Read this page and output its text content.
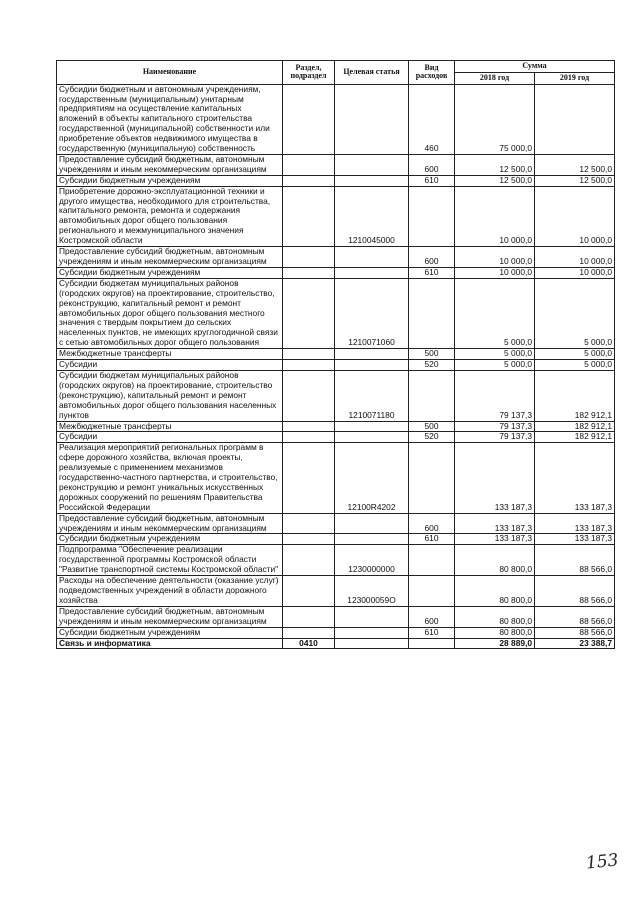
Наименование	Раздел, подраздел	Целевая статья	Вид расходов	Сумма	
				2018 год	2019 год
Субсидии бюджетным и автономным учреждениям, государственным (муниципальным) унитарным предприятиям на осуществление капитальных вложений в объекты капитального строительства государственной (муниципальной) собственности или приобретение объектов недвижимого имущества в государственную (муниципальную) собственность			460	75 000,0	
Предоставление субсидий бюджетным, автономным учреждениям и иным некоммерческим организациям			600	12 500,0	12 500,0
Субсидии бюджетным учреждениям			610	12 500,0	12 500,0
Приобретение дорожно-эксплуатационной техники и другого имущества, необходимого для строительства, капитального ремонта, ремонта и содержания автомобильных дорог общего пользования регионального и межмуниципального значения Костромской области		1210045000		10 000,0	10 000,0
Предоставление субсидий бюджетным, автономным учреждениям и иным некоммерческим организациям			600	10 000,0	10 000,0
Субсидии бюджетным учреждениям			610	10 000,0	10 000,0
Субсидии бюджетам муниципальных районов (городских округов) на проектирование, строительство, реконструкцию, капитальный ремонт и ремонт автомобильных дорог общего пользования местного значения с твердым покрытием до сельских населенных пунктов, не имеющих круглогодичной связи с сетью автомобильных дорог общего пользования		1210071060		5 000,0	5 000,0
Межбюджетные трансферты			500	5 000,0	5 000,0
Субсидии			520	5 000,0	5 000,0
Субсидии бюджетам муниципальных районов (городских округов) на проектирование, строительство (реконструкцию), капитальный ремонт и ремонт автомобильных дорог общего пользования населенных пунктов		1210071180		79 137,3	182 912,1
Межбюджетные трансферты			500	79 137,3	182 912,1
Субсидии			520	79 137,3	182 912,1
Реализация мероприятий региональных программ в сфере дорожного хозяйства, включая проекты, реализуемые с применением механизмов государственно-частного партнерства, и строительство, реконструкцию и ремонт уникальных искусственных дорожных сооружений по решениям Правительства Российской Федерации		12100R4202		133 187,3	133 187,3
Предоставление субсидий бюджетным, автономным учреждениям и иным некоммерческим организациям			600	133 187,3	133 187,3
Субсидии бюджетным учреждениям			610	133 187,3	133 187,3
Подпрограмма "Обеспечение реализации государственной программы Костромской области "Развитие транспортной системы Костромской области"		1230000000		80 800,0	88 566,0
Расходы на обеспечение деятельности (оказание услуг) подведомственных учреждений в области дорожного хозяйства		123000059О		80 800,0	88 566,0
Предоставление субсидий бюджетным, автономным учреждениям и иным некоммерческим организациям			600	80 800,0	88 566,0
Субсидии бюджетным учреждениям			610	80 800,0	88 566,0
Связь и информатика	0410			28 889,0	23 388,7
153
